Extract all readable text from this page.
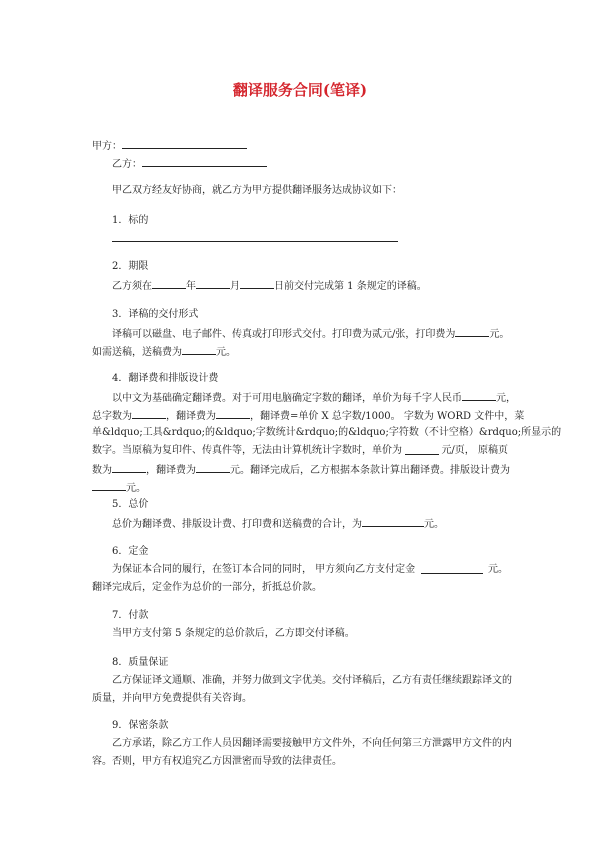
翻译服务合同(笔译)
甲方：
乙方：
甲乙双方经友好协商，就乙方为甲方提供翻译服务达成协议如下：
1．标的
2．期限
乙方须在	年	月	日前交付完成第 1 条规定的译稿。
3．译稿的交付形式
译稿可以磁盘、电子邮件、传真或打印形式交付。打印费为贰元/张，打印费为	元。
如需送稿，送稿费为	元。
4．翻译费和排版设计费
以中文为基础确定翻译费。对于可用电脑确定字数的翻译，单价为每千字人民币	元，
总字数为	，翻译费为	，翻译费=单价 X 总字数/1000。 字数为 WORD 文件中，菜
单&ldquo;工具&rdquo;的&ldquo;字数统计&rdquo;的&ldquo;字符数（不计空格）&rdquo;所显示的
数字。当原稿为复印件、传真件等，无法由计算机统计字数时，单价为	元/页， 原稿页
数为	，翻译费为	元。翻译完成后，乙方根据本条款计算出翻译费。排版设计费为
元。
5．总价
总价为翻译费、排版设计费、打印费和送稿费的合计，为	元。
6．定金
为保证本合同的履行，在签订本合同的同时， 甲方须向乙方支付定金	元。
翻译完成后，定金作为总价的一部分，折抵总价款。
7．付款
当甲方支付第 5 条规定的总价款后，乙方即交付译稿。
8．质量保证
乙方保证译文通顺、准确，并努力做到文字优美。交付译稿后，乙方有责任继续跟踪译文的
质量，并向甲方免费提供有关咨询。
9．保密条款
乙方承诺，除乙方工作人员因翻译需要接触甲方文件外，不向任何第三方泄露甲方文件的内
容。否则，甲方有权追究乙方因泄密而导致的法律责任。
